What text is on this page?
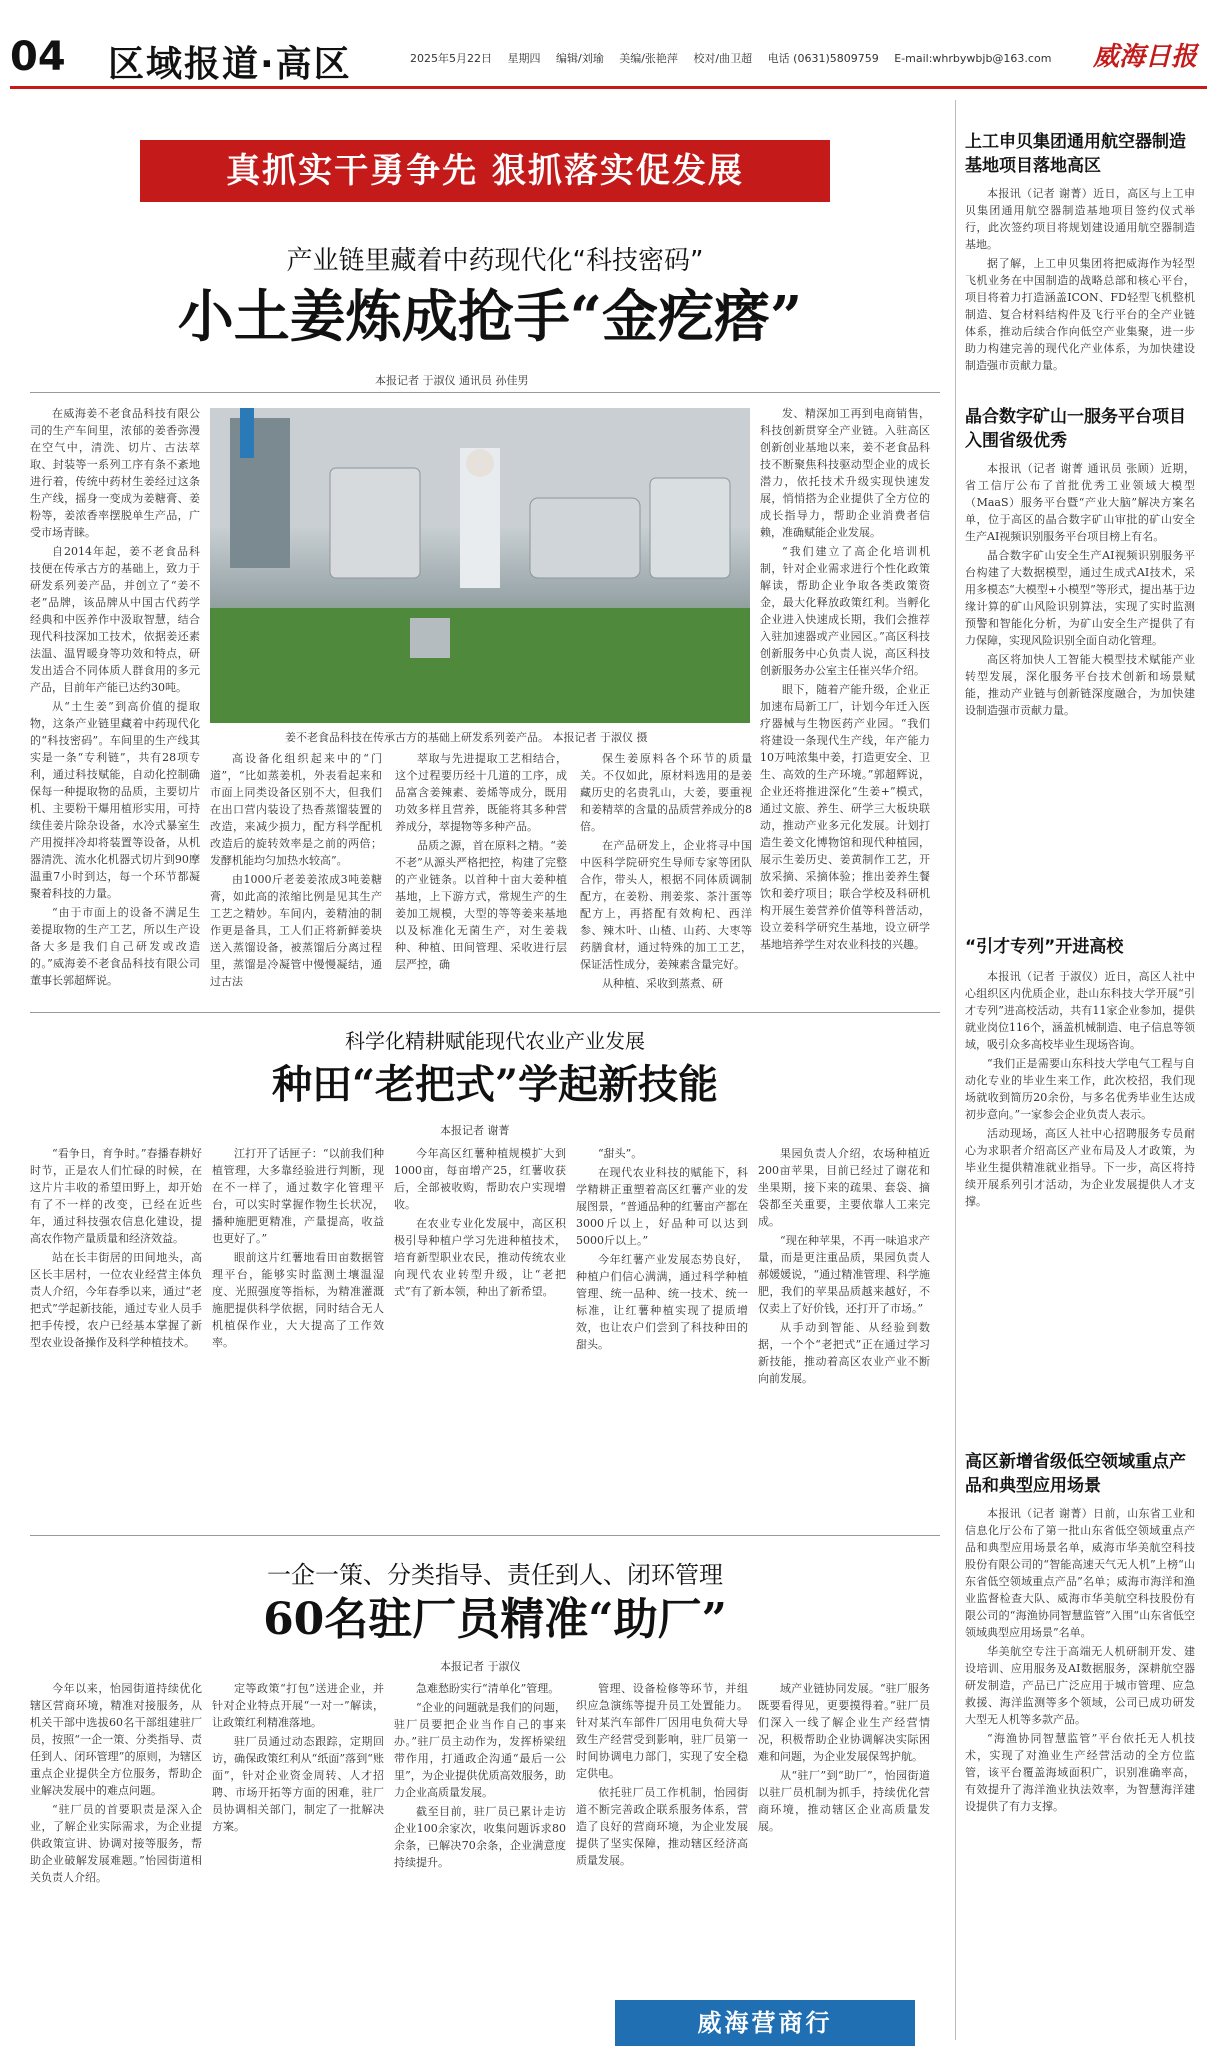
04 区域报道·高区	2025年5月22日 星期四 编辑/刘瑜 美编/张艳萍 校对/曲卫超 电话 (0631)5809759 E-mail:whrbywbjb@163.com	威海日报
真抓实干勇争先 狠抓落实促发展
产业链里藏着中药现代化“科技密码”
小土姜炼成抢手“金疙瘩”
本报记者 于淑仪 通讯员 孙佳男

在威海姜不老食品科技有限公司的生产车间里，浓郁的姜香弥漫在空气中，清洗、切片、古法萃取、封装等一系列工序有条不紊地进行着，传统中药材生姜经过这条生产线，摇身一变成为姜糖膏、姜粉等，姜浓香率摆脱单生产品，广受市场青睐。

自2014年起，姜不老食品科技便在传承古方的基础上，致力于研发系列姜产品，并创立了“姜不老”品牌，该品牌从中国古代药学经典和中医养作中汲取智慧，结合现代科技深加工技术，依据姜还素法温、温胃暖身等功效和特点，研发出适合不同体质人群食用的多元产品，目前年产能已达约30吨。

从“土生姜”到高价值的提取物，这条产业链里藏着中药现代化的“科技密码”。车间里的生产线其实是一条“专利链”，共有28项专利，通过科技赋能，自动化控制确保每一种提取物的品质，主要切片机、主要粉干爆用植形实用，可持续佳姜片除杂设备，水冷式暴室生产用搅拌冷却将装置等设备，从机器清洗、流水化机器式切片到90摩温重7小时到达，每一个环节都凝聚着科技的力量。

“由于市面上的设备不满足生姜提取物的生产工艺，所以生产设备大多是我们自己研发或改造的。”威海姜不老食品科技有限公司董事长郭超辉说。

姜不老食品科技在传承古方的基础上研发系列姜产品。 本报记者 于淑仪 摄

发、精深加工再到电商销售，科技创新贯穿全产业链。入驻高区创新创业基地以来，姜不老食品科技不断聚焦科技驱动型企业的成长潜力，依托技术升级实现快速发展，悄悄搭为企业提供了全方位的成长指导力，帮助企业消费者信赖，准确赋能企业发展。

“我们建立了高企化培训机制，针对企业需求进行个性化政策解读，帮助企业争取各类政策资金，最大化释放政策红利。当孵化企业进入快速成长期，我们会推荐入驻加速器或产业园区。”高区科技创新服务中心负责人说，高区科技创新服务办公室主任崔兴华介绍。

眼下，随着产能升级，企业正加速布局新工厂，计划今年迁入医疗器械与生物医药产业园。“我们将建设一条现代生产线，年产能力10万吨浓集中姜，打造更安全、卫生、高效的生产环境。”郭超辉说，企业还将推进深化“生姜+”模式，通过文旅、养生、研学三大板块联动，推动产业多元化发展。计划打造生姜文化博物馆和现代种植园，展示生姜历史、姜黄制作工艺，开放采摘、采摘体验；推出姜养生餐饮和姜疗项目；联合学校及科研机构开展生姜营养价值等科普活动，设立姜科学研究生基地，设立研学基地培养学生对农业科技的兴趣。

高设备化组织起来中的“门道”，“比如蒸姜机，外表看起来和市面上同类设备区别不大，但我们在出口营内装设了热香蒸馏装置的改造，来减少损力，配方科学配机改造后的旋转效率是之前的两倍；发酵机能均匀加热水较高”。

由1000斤老姜姜浓成3吨姜糖膏，如此高的浓缩比例是见其生产工艺之精妙。车间内，姜精油的制作更是备具，工人们正将新鲜姜块送入蒸馏设备，被蒸馏后分离过程里，蒸馏是冷凝管中慢慢凝结，通过古法

萃取与先进提取工艺相结合，这个过程要历经十几道的工序，成品富含姜辣素、姜烯等成分，既用功效多样且营养，既能将其多种营养成分，萃提物等多种产品。

品质之源，首在原料之精。“姜不老”从源头严格把控，构建了完整的产业链条。以首种十亩大姜种植基地，上下游方式，常规生产的生姜加工规模，大型的等等姜来基地以及标准化无菌生产，对生姜栽种、种植、田间管理、采收进行层层严控，确

保生姜原料各个环节的质量关。不仅如此，原材料选用的是姜藏历史的名贵乳山，大姜，要重视和姜精萃的含量的品质营养成分的8倍。

在产品研发上，企业将寻中国中医科学院研究生导师专家等团队合作，带头人，根据不同体质调制配方，在姜粉、荆姜浆、茶汁蛋等配方上，再搭配有效枸杞、西洋参、辣木叶、山楂、山药、大枣等药膳食材，通过特殊的加工工艺，保证活性成分，姜辣素含量完好。

从种植、采收到蒸煮、研

科学化精耕赋能现代农业产业发展
种田“老把式”学起新技能
本报记者 谢菁

“看争日，育争时。”春播春耕好时节，正是农人们忙碌的时候，在这片片丰收的希望田野上，却开始有了不一样的改变，已经在近些年，通过科技强农信息化建设，提高农作物产量质量和经济效益。

站在长丰街居的田间地头，高区长丰居村，一位农业经营主体负责人介绍，今年春季以来，通过“老把式”学起新技能，通过专业人员手把手传授，农户已经基本掌握了新型农业设备操作及科学种植技术。

江打开了话匣子：“以前我们种植管理，大多靠经验进行判断，现在不一样了，通过数字化管理平台，可以实时掌握作物生长状况，播种施肥更精准，产量提高，收益也更好了。”

眼前这片红薯地看田亩数据管理平台，能够实时监测土壤温湿度、光照强度等指标，为精准灌溉施肥提供科学依据，同时结合无人机植保作业，大大提高了工作效率。

今年高区红薯种植规模扩大到1000亩，每亩增产25，红薯收获后，全部被收购，帮助农户实现增收。

在农业专业化发展中，高区积极引导种植户学习先进种植技术，培育新型职业农民，推动传统农业向现代农业转型升级，让“老把式”有了新本领，种出了新希望。

“甜头”。

在现代农业科技的赋能下，科学精耕正重塑着高区红薯产业的发展图景，“普通品种的红薯亩产都在3000斤以上，好品种可以达到5000斤以上。”

今年红薯产业发展态势良好，种植户们信心满满，通过科学种植管理、统一品种、统一技术、统一标准，让红薯种植实现了提质增效，也让农户们尝到了科技种田的甜头。

果园负责人介绍，农场种植近200亩苹果，目前已经过了谢花和坐果期，接下来的疏果、套袋、摘袋都至关重要，主要依靠人工来完成。

“现在种苹果，不再一味追求产量，而是更注重品质，果园负责人郝媛媛说，“通过精准管理、科学施肥，我们的苹果品质越来越好，不仅卖上了好价钱，还打开了市场。”

从手动到智能、从经验到数据，一个个“老把式”正在通过学习新技能，推动着高区农业产业不断向前发展。

一企一策、分类指导、责任到人、闭环管理
60名驻厂员精准“助厂”
本报记者 于淑仪

今年以来，怡园街道持续优化辖区营商环境，精准对接服务，从机关干部中选拔60名干部组建驻厂员，按照“一企一策、分类指导、责任到人、闭环管理”的原则，为辖区重点企业提供全方位服务，帮助企业解决发展中的难点问题。

“驻厂员的首要职责是深入企业，了解企业实际需求，为企业提供政策宣讲、协调对接等服务，帮助企业破解发展难题。”怡园街道相关负责人介绍。

定等政策“打包”送进企业，并针对企业特点开展“一对一”解读，让政策红利精准落地。

驻厂员通过动态跟踪，定期回访，确保政策红利从“纸面”落到“账面”，针对企业资金周转、人才招聘、市场开拓等方面的困难，驻厂员协调相关部门，制定了一批解决方案。

急难愁盼实行“清单化”管理。

“企业的问题就是我们的问题，驻厂员要把企业当作自己的事来办。”驻厂员主动作为，发挥桥梁纽带作用，打通政企沟通“最后一公里”，为企业提供优质高效服务，助力企业高质量发展。

截至目前，驻厂员已累计走访企业100余家次，收集问题诉求80余条，已解决70余条，企业满意度持续提升。

管理、设备检修等环节，并组织应急演练等提升员工处置能力。针对某汽车部件厂因用电负荷大导致生产经营受到影响，驻厂员第一时间协调电力部门，实现了安全稳定供电。

依托驻厂员工作机制，怡园街道不断完善政企联系服务体系，营造了良好的营商环境，为企业发展提供了坚实保障，推动辖区经济高质量发展。

域产业链协同发展。“驻厂服务既要看得见，更要摸得着。”驻厂员们深入一线了解企业生产经营情况，积极帮助企业协调解决实际困难和问题，为企业发展保驾护航。

从“驻厂”到“助厂”，怡园街道以驻厂员机制为抓手，持续优化营商环境，推动辖区企业高质量发展。

威海营商行
上工申贝集团通用航空器制造基地项目落地高区

本报讯（记者 谢菁）近日，高区与上工申贝集团通用航空器制造基地项目签约仪式举行，此次签约项目将规划建设通用航空器制造基地。

据了解，上工申贝集团将把威海作为轻型飞机业务在中国制造的战略总部和核心平台，项目将着力打造涵盖ICON、FD轻型飞机整机制造、复合材料结构件及飞行平台的全产业链体系，推动后续合作向低空产业集聚，进一步助力构建完善的现代化产业体系，为加快建设制造强市贡献力量。

晶合数字矿山一服务平台项目入围省级优秀

本报讯（记者 谢菁 通讯员 张顾）近期，省工信厅公布了首批优秀工业领域大模型（MaaS）服务平台暨“产业大脑”解决方案名单，位于高区的晶合数字矿山审批的矿山安全生产AI视频识别服务平台项目榜上有名。

晶合数字矿山安全生产AI视频识别服务平台构建了大数据模型，通过生成式AI技术，采用多模态“大模型+小模型”等形式，提出基于边缘计算的矿山风险识别算法，实现了实时监测预警和智能化分析，为矿山安全生产提供了有力保障，实现风险识别全面自动化管理。

高区将加快人工智能大模型技术赋能产业转型发展，深化服务平台技术创新和场景赋能，推动产业链与创新链深度融合，为加快建设制造强市贡献力量。

“引才专列”开进高校

本报讯（记者 于淑仪）近日，高区人社中心组织区内优质企业，赴山东科技大学开展“引才专列”进高校活动，共有11家企业参加，提供就业岗位116个，涵盖机械制造、电子信息等领域，吸引众多高校毕业生现场咨询。

“我们正是需要山东科技大学电气工程与自动化专业的毕业生来工作，此次校招，我们现场就收到简历20余份，与多名优秀毕业生达成初步意向。”一家参会企业负责人表示。

活动现场，高区人社中心招聘服务专员耐心为求职者介绍高区产业布局及人才政策，为毕业生提供精准就业指导。下一步，高区将持续开展系列引才活动，为企业发展提供人才支撑。

高区新增省级低空领域重点产品和典型应用场景

本报讯（记者 谢菁）日前，山东省工业和信息化厅公布了第一批山东省低空领域重点产品和典型应用场景名单，威海市华美航空科技股份有限公司的“智能高速天气无人机”上榜“山东省低空领域重点产品”名单；威海市海洋和渔业监督检查大队、威海市华美航空科技股份有限公司的“海渔协同智慧监管”入围“山东省低空领域典型应用场景”名单。

华美航空专注于高端无人机研制开发、建设培训、应用服务及AI数据服务，深耕航空器研发制造，产品已广泛应用于城市管理、应急救援、海洋监测等多个领域，公司已成功研发大型无人机等多款产品。

“海渔协同智慧监管”平台依托无人机技术，实现了对渔业生产经营活动的全方位监管，该平台覆盖海域面积广，识别准确率高，有效提升了海洋渔业执法效率，为智慧海洋建设提供了有力支撑。
